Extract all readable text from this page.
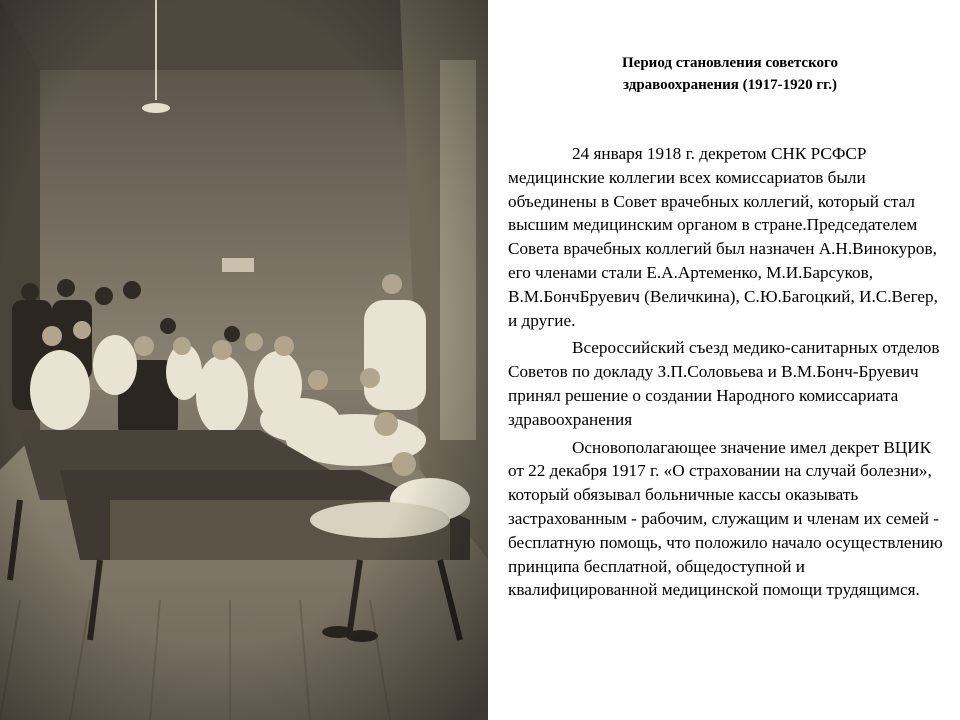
Период становления советского
здравоохранения (1917-1920 гг.)

24 января 1918 г. декретом СНК РСФСР медицинские коллегии всех комиссариатов были объединены в Совет врачебных коллегий, который стал высшим медицинским органом в стране.Председателем Совета врачебных коллегий был назначен А.Н.Винокуров, его членами стали Е.А.Артеменко, М.И.Барсуков, В.М.БончБруевич (Величкина), С.Ю.Багоцкий, И.С.Вегер, и другие.

Всероссийский съезд медико-санитарных отделов Советов по докладу З.П.Соловьева и В.М.Бонч-Бруевич принял решение о создании Народного комиссариата здравоохранения

Основополагающее значение имел декрет ВЦИК от 22 декабря 1917 г. «О страховании на случай болезни», который обязывал больничные кассы оказывать застрахованным - рабочим, служащим и членам их семей - бесплатную помощь, что положило начало осуществлению принципа бесплатной, общедоступной и квалифицированной медицинской помощи трудящимся.
